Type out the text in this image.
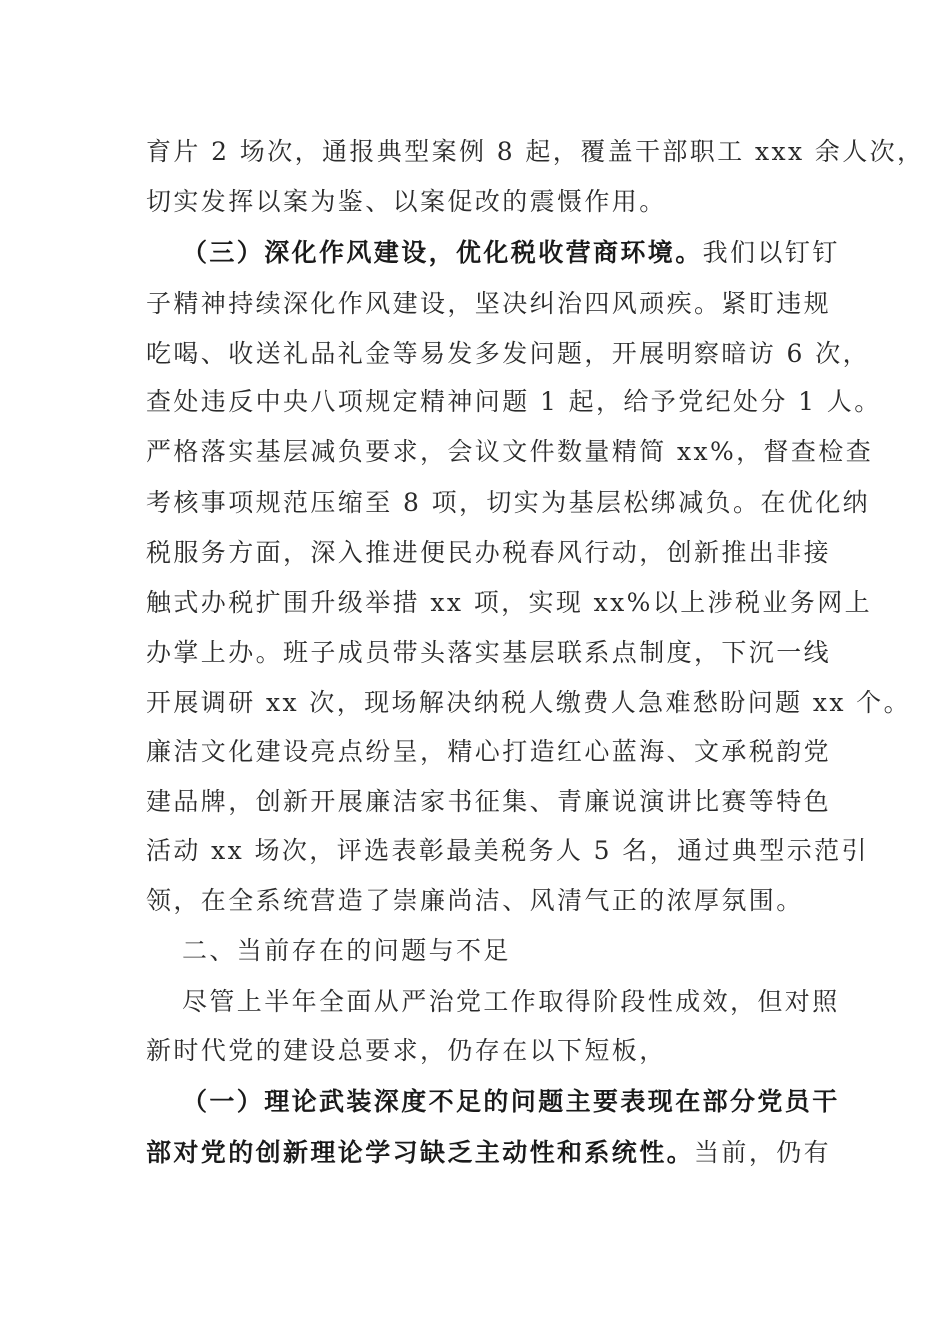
育片 2 场次，通报典型案例 8 起，覆盖干部职工 xxx 余人次，
切实发挥以案为鉴、以案促改的震慑作用。
（三）深化作风建设，优化税收营商环境。我们以钉钉
子精神持续深化作风建设，坚决纠治四风顽疾。紧盯违规
吃喝、收送礼品礼金等易发多发问题，开展明察暗访 6 次，
查处违反中央八项规定精神问题 1 起，给予党纪处分 1 人。
严格落实基层减负要求，会议文件数量精简 xx%，督查检查
考核事项规范压缩至 8 项，切实为基层松绑减负。在优化纳
税服务方面，深入推进便民办税春风行动，创新推出非接
触式办税扩围升级举措 xx 项，实现 xx%以上涉税业务网上
办掌上办。班子成员带头落实基层联系点制度，下沉一线
开展调研 xx 次，现场解决纳税人缴费人急难愁盼问题 xx 个。
廉洁文化建设亮点纷呈，精心打造红心蓝海、文承税韵党
建品牌，创新开展廉洁家书征集、青廉说演讲比赛等特色
活动 xx 场次，评选表彰最美税务人 5 名，通过典型示范引
领，在全系统营造了崇廉尚洁、风清气正的浓厚氛围。
二、当前存在的问题与不足
尽管上半年全面从严治党工作取得阶段性成效，但对照
新时代党的建设总要求，仍存在以下短板，
（一）理论武装深度不足的问题主要表现在部分党员干
部对党的创新理论学习缺乏主动性和系统性。当前，仍有
